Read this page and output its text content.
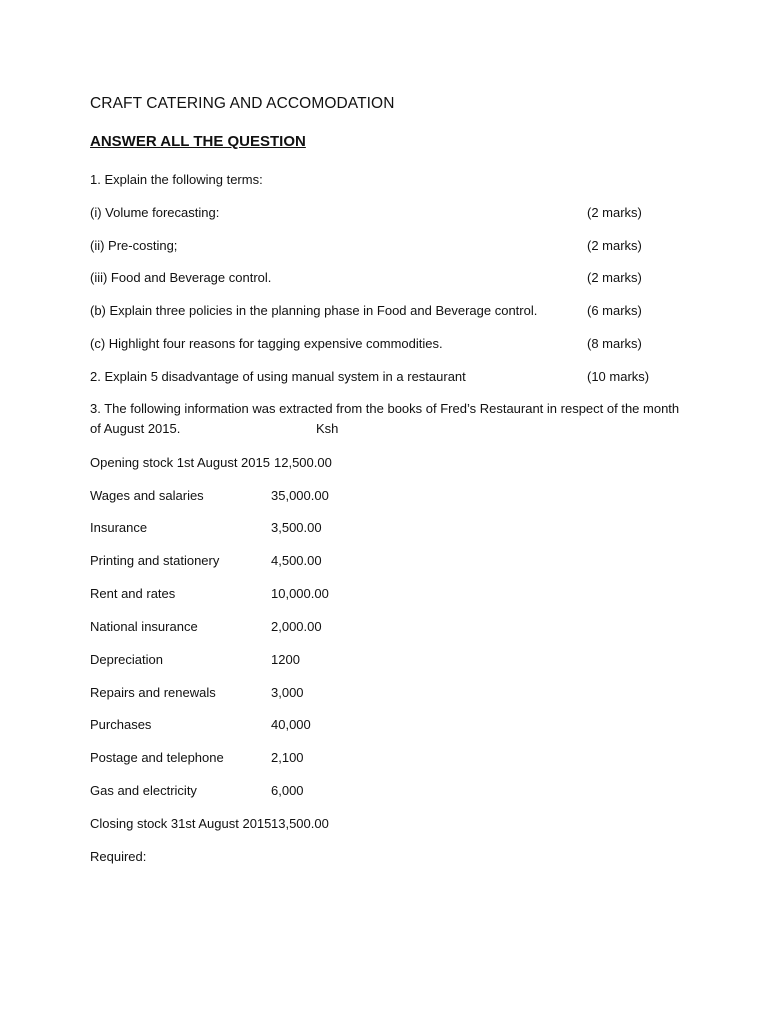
CRAFT CATERING AND ACCOMODATION
ANSWER ALL THE QUESTION
1. Explain the following terms:
(i) Volume forecasting:	(2 marks)
(ii) Pre-costing;	(2 marks)
(iii) Food and Beverage control.	(2 marks)
(b) Explain three policies in the planning phase in Food and Beverage control.	(6 marks)
(c) Highlight four reasons for tagging expensive commodities.	(8 marks)
2. Explain 5 disadvantage of using manual system in a restaurant	(10 marks)
3. The following information was extracted from the books of Fred’s Restaurant in respect of the month
of August 2015.	Ksh
Opening stock 1st August 2015 12,500.00
Wages and salaries	35,000.00
Insurance	3,500.00
Printing and stationery	4,500.00
Rent and rates	10,000.00
National insurance	2,000.00
Depreciation	1200
Repairs and renewals	3,000
Purchases	40,000
Postage and telephone	2,100
Gas and electricity	6,000
Closing stock 31st August 2015 13,500.00
Required:
